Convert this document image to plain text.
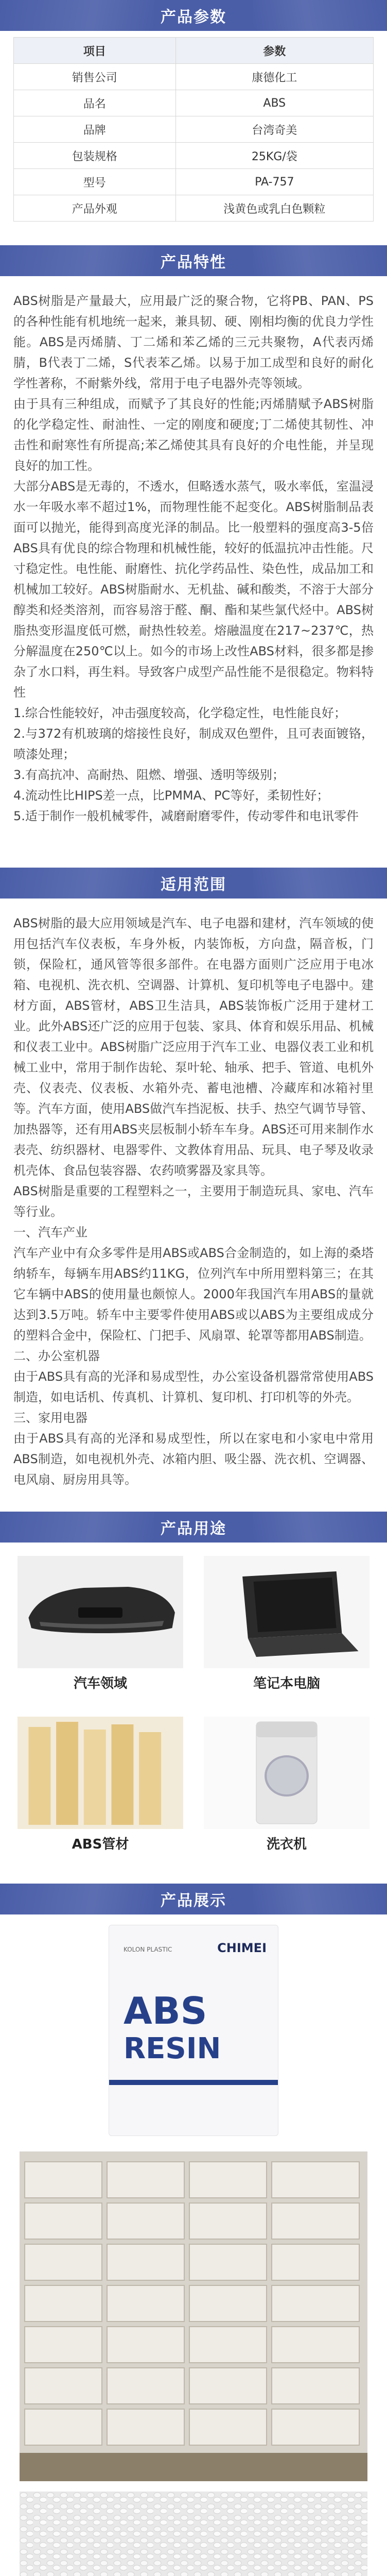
产品参数
项目	参数
销售公司	康德化工
品名	ABS
品牌	台湾奇美
包装规格	25KG/袋
型号	PA-757
产品外观	浅黄色或乳白色颗粒
产品特性

ABS树脂是产量最大，应用最广泛的聚合物，它将PB、PAN、PS的各种性能有机地统一起来，兼具韧、硬、刚相均衡的优良力学性能。ABS是丙烯腈、丁二烯和苯乙烯的三元共聚物，A代表丙烯腈，B代表丁二烯，S代表苯乙烯。以易于加工成型和良好的耐化学性著称，不耐紫外线，常用于电子电器外壳等领域。

由于具有三种组成，而赋予了其良好的性能;丙烯腈赋予ABS树脂的化学稳定性、耐油性、一定的刚度和硬度;丁二烯使其韧性、冲击性和耐寒性有所提高;苯乙烯使其具有良好的介电性能，并呈现良好的加工性。

大部分ABS是无毒的，不透水，但略透水蒸气，吸水率低，室温浸水一年吸水率不超过1%，而物理性能不起变化。ABS树脂制品表面可以抛光，能得到高度光泽的制品。比一般塑料的强度高3-5倍ABS具有优良的综合物理和机械性能，较好的低温抗冲击性能。尺寸稳定性。电性能、耐磨性、抗化学药品性、染色性，成品加工和机械加工较好。ABS树脂耐水、无机盐、碱和酸类，不溶于大部分醇类和烃类溶剂，而容易溶于醛、酮、酯和某些氯代烃中。ABS树脂热变形温度低可燃，耐热性较差。熔融温度在217~237℃，热分解温度在250℃以上。如今的市场上改性ABS材料，很多都是掺杂了水口料，再生料。导致客户成型产品性能不是很稳定。物料特性

1.综合性能较好，冲击强度较高，化学稳定性，电性能良好；

2.与372有机玻璃的熔接性良好，制成双色塑件，且可表面镀铬，喷漆处理；

3.有高抗冲、高耐热、阻燃、增强、透明等级别；

4.流动性比HIPS差一点，比PMMA、PC等好，柔韧性好；

5.适于制作一般机械零件，减磨耐磨零件，传动零件和电讯零件

适用范围

ABS树脂的最大应用领域是汽车、电子电器和建材，汽车领域的使用包括汽车仪表板，车身外板，内装饰板，方向盘，隔音板，门锁，保险杠，通风管等很多部件。在电器方面则广泛应用于电冰箱、电视机、洗衣机、空调器、计算机、复印机等电子电器中。建材方面，ABS管材，ABS卫生洁具，ABS装饰板广泛用于建材工业。此外ABS还广泛的应用于包装、家具、体育和娱乐用品、机械和仪表工业中。ABS树脂广泛应用于汽车工业、电器仪表工业和机械工业中，常用于制作齿轮、泵叶轮、轴承、把手、管道、电机外壳、仪表壳、仪表板、水箱外壳、蓄电池槽、冷藏库和冰箱衬里等。汽车方面，使用ABS做汽车挡泥板、扶手、热空气调节导管、加热器等，还有用ABS夹层板制小轿车车身。ABS还可用来制作水表壳、纺织器材、电器零件、文教体育用品、玩具、电子琴及收录机壳体、食品包装容器、农药喷雾器及家具等。

ABS树脂是重要的工程塑料之一，主要用于制造玩具、家电、汽车等行业。

一、汽车产业

汽车产业中有众多零件是用ABS或ABS合金制造的，如上海的桑塔纳轿车，每辆车用ABS约11KG，位列汽车中所用塑料第三；在其它车辆中ABS的使用量也颇惊人。2000年我国汽车用ABS的量就达到3.5万吨。轿车中主要零件使用ABS或以ABS为主要组成成分的塑料合金中，保险杠、门把手、风扇罩、轮罩等都用ABS制造。

二、办公室机器

由于ABS具有高的光泽和易成型性，办公室设备机器常常使用ABS制造，如电话机、传真机、计算机、复印机、打印机等的外壳。

三、家用电器

由于ABS具有高的光泽和易成型性，所以在家电和小家电中常用ABS制造，如电视机外壳、冰箱内胆、吸尘器、洗衣机、空调器、电风扇、厨房用具等。

产品用途
汽车领域	笔记本电脑
ABS管材	洗衣机
产品展示
KOLON PLASTIC	CHIMEI
ABS
RESIN
